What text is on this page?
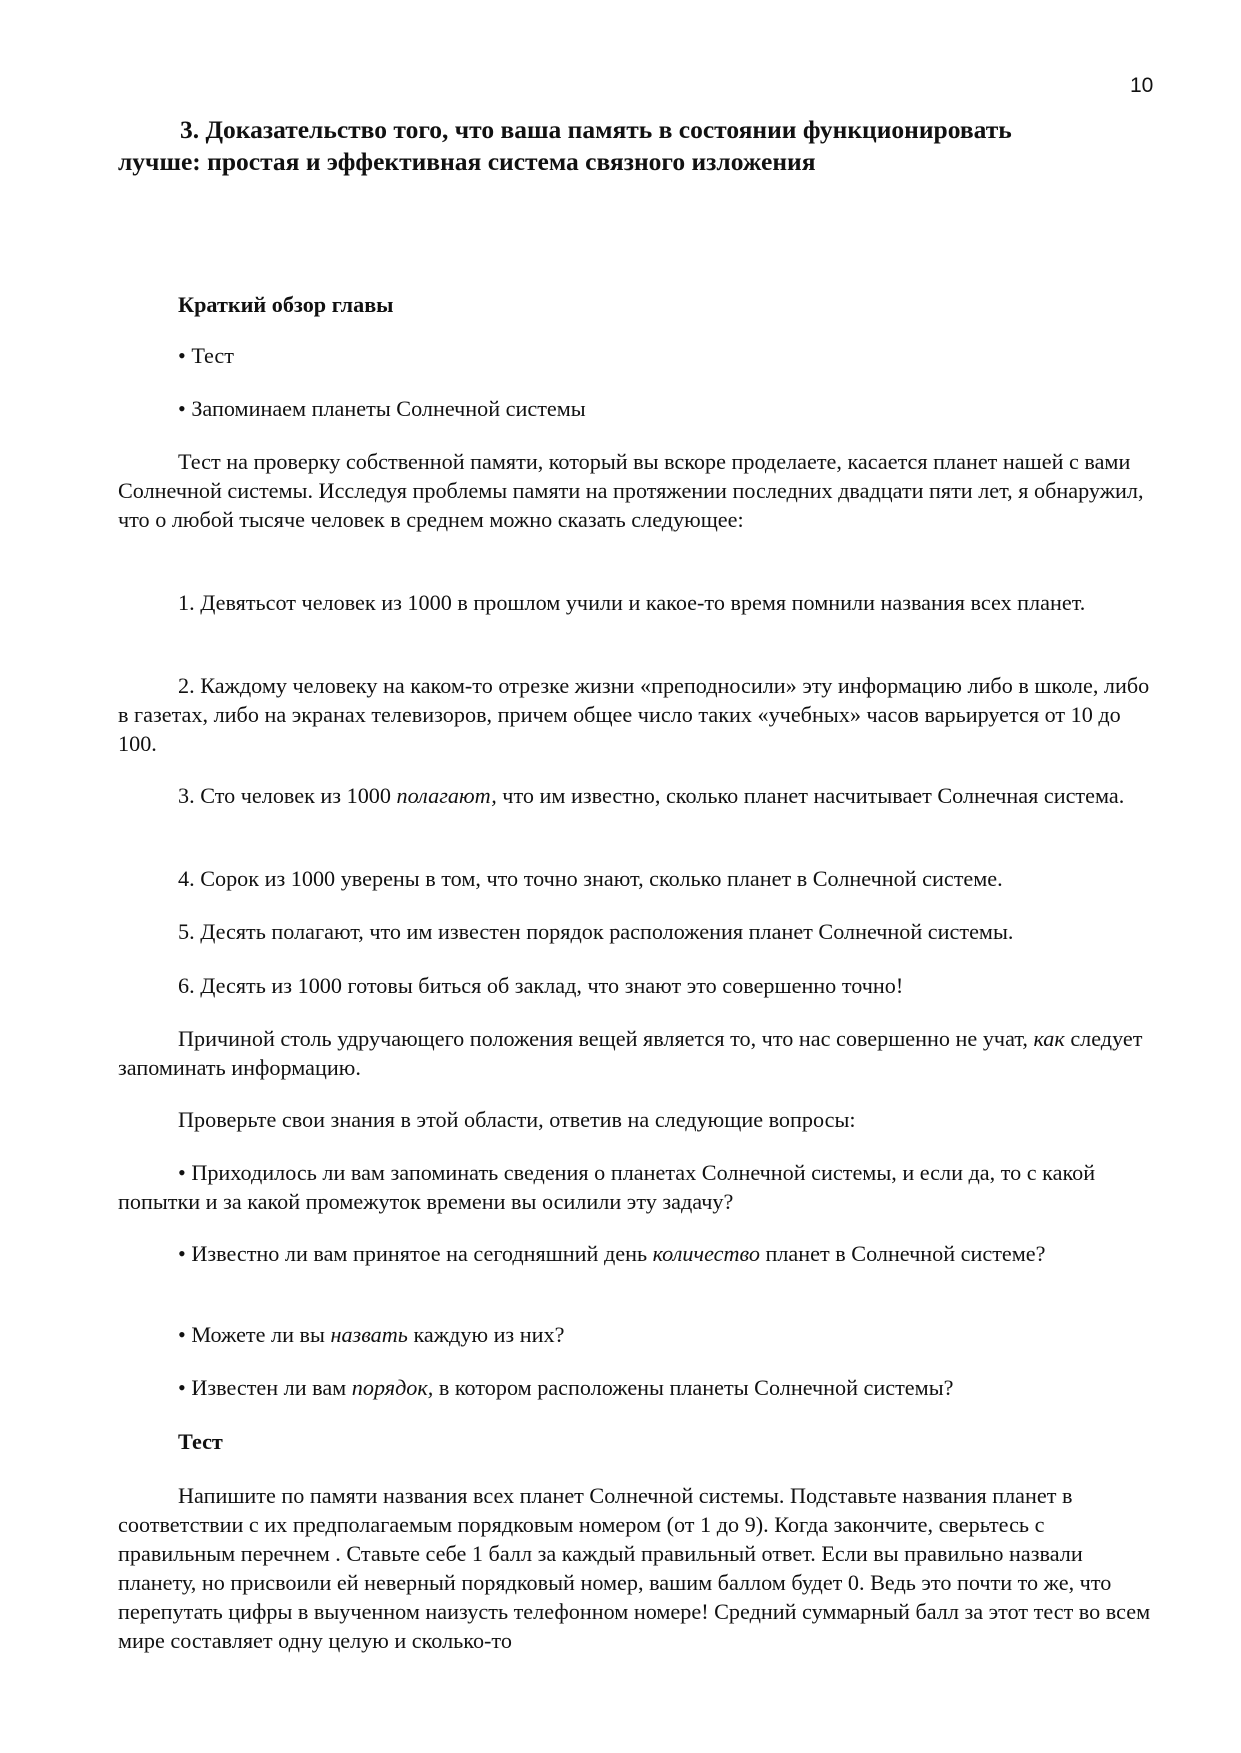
10
3. Доказательство того, что ваша память в состоянии функционировать лучше: простая и эффективная система связного изложения

Краткий обзор главы

• Тест

• Запоминаем планеты Солнечной системы

Тест на проверку собственной памяти, который вы вскоре проделаете, касается планет нашей с вами Солнечной системы. Исследуя проблемы памяти на протяжении последних двадцати пяти лет, я обнаружил, что о любой тысяче человек в среднем можно сказать следующее:

1. Девятьсот человек из 1000 в прошлом учили и какое-то время помнили названия всех планет.

2. Каждому человеку на каком-то отрезке жизни «преподносили» эту информацию либо в школе, либо в газетах, либо на экранах телевизоров, причем общее число таких «учебных» часов варьируется от 10 до 100.

3. Сто человек из 1000 полагают, что им известно, сколько планет насчитывает Солнечная система.

4. Сорок из 1000 уверены в том, что точно знают, сколько планет в Солнечной системе.

5. Десять полагают, что им известен порядок расположения планет Солнечной системы.

6. Десять из 1000 готовы биться об заклад, что знают это совершенно точно!

Причиной столь удручающего положения вещей является то, что нас совершенно не учат, как следует запоминать информацию.

Проверьте свои знания в этой области, ответив на следующие вопросы:

• Приходилось ли вам запоминать сведения о планетах Солнечной системы, и если да, то с какой попытки и за какой промежуток времени вы осилили эту задачу?

• Известно ли вам принятое на сегодняшний день количество планет в Солнечной системе?

• Можете ли вы назвать каждую из них?

• Известен ли вам порядок, в котором расположены планеты Солнечной системы?

Тест

Напишите по памяти названия всех планет Солнечной системы. Подставьте названия планет в соответствии с их предполагаемым порядковым номером (от 1 до 9). Когда закончите, сверьтесь с правильным перечнем . Ставьте себе 1 балл за каждый правильный ответ. Если вы правильно назвали планету, но присвоили ей неверный порядковый номер, вашим баллом будет 0. Ведь это почти то же, что перепутать цифры в выученном наизусть телефонном номере! Средний суммарный балл за этот тест во всем мире составляет одну целую и сколько-то
